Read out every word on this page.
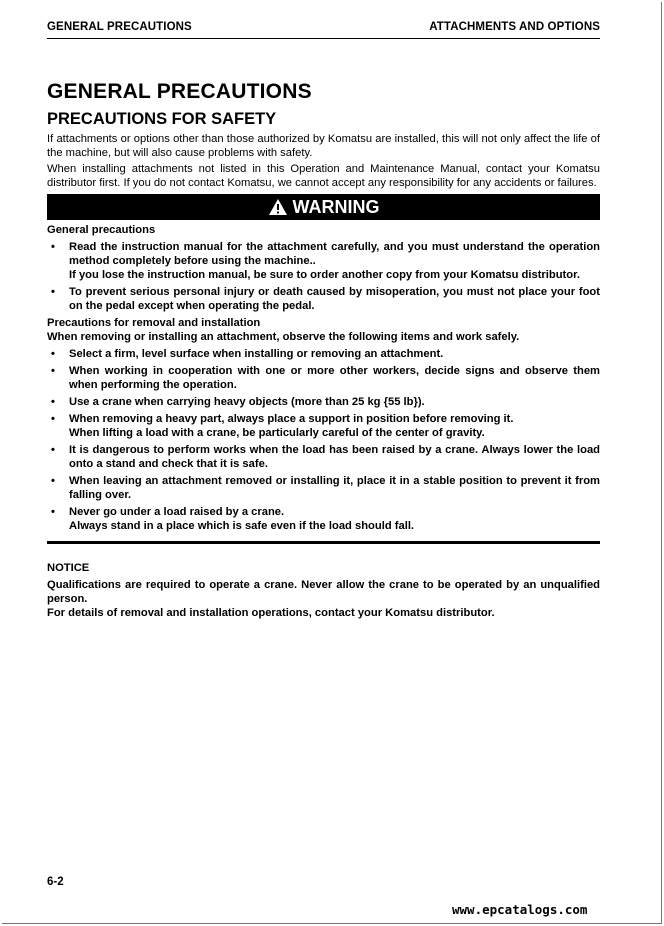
GENERAL PRECAUTIONS	ATTACHMENTS AND OPTIONS
GENERAL PRECAUTIONS
PRECAUTIONS FOR SAFETY

If attachments or options other than those authorized by Komatsu are installed, this will not only affect the life of the machine, but will also cause problems with safety.

When installing attachments not listed in this Operation and Maintenance Manual, contact your Komatsu distributor first. If you do not contact Komatsu, we cannot accept any responsibility for any accidents or failures.

WARNING
General precautions
• Read the instruction manual for the attachment carefully, and you must understand the operation method completely before using the machine..
If you lose the instruction manual, be sure to order another copy from your Komatsu distributor.
• To prevent serious personal injury or death caused by misoperation, you must not place your foot on the pedal except when operating the pedal.
Precautions for removal and installation
When removing or installing an attachment, observe the following items and work safely.
• Select a firm, level surface when installing or removing an attachment.
• When working in cooperation with one or more other workers, decide signs and observe them when performing the operation.
• Use a crane when carrying heavy objects (more than 25 kg {55 lb}).
• When removing a heavy part, always place a support in position before removing it.
When lifting a load with a crane, be particularly careful of the center of gravity.
• It is dangerous to perform works when the load has been raised by a crane. Always lower the load onto a stand and check that it is safe.
• When leaving an attachment removed or installing it, place it in a stable position to prevent it from falling over.
• Never go under a load raised by a crane.
Always stand in a place which is safe even if the load should fall.
NOTICE

Qualifications are required to operate a crane. Never allow the crane to be operated by an unqualified person.

For details of removal and installation operations, contact your Komatsu distributor.

6-2
www.epcatalogs.com
